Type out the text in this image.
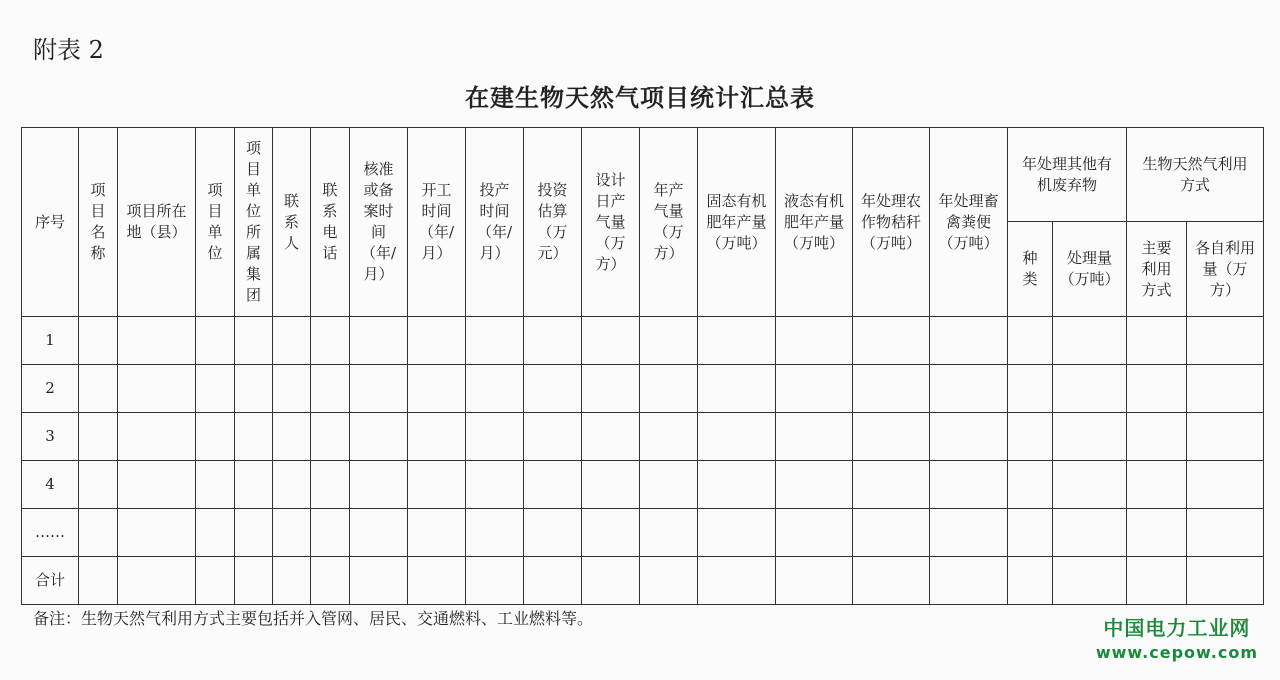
附表 2
在建生物天然气项目统计汇总表
序号	项目名称	项目所在地（县）	项目单位	项目单位所属集团	联系人	联系电话	核准或备案时间（年/月）	开工时间（年/月）	投产时间（年/月）	投资估算（万元）	设计日产气量（万方）	年产气量（万方）	固态有机肥年产量（万吨）	液态有机肥年产量（万吨）	年处理农作物秸秆（万吨）	年处理畜禽粪便（万吨）	年处理其他有机废弃物		生物天然气利用方式	
																	种类	处理量（万吨）	主要利用方式	各自利用量（万方）
1																				
2																				
3																				
4																				
……																				
合计																				
备注：生物天然气利用方式主要包括并入管网、居民、交通燃料、工业燃料等。	中国电力工业网
www.cepow.com
